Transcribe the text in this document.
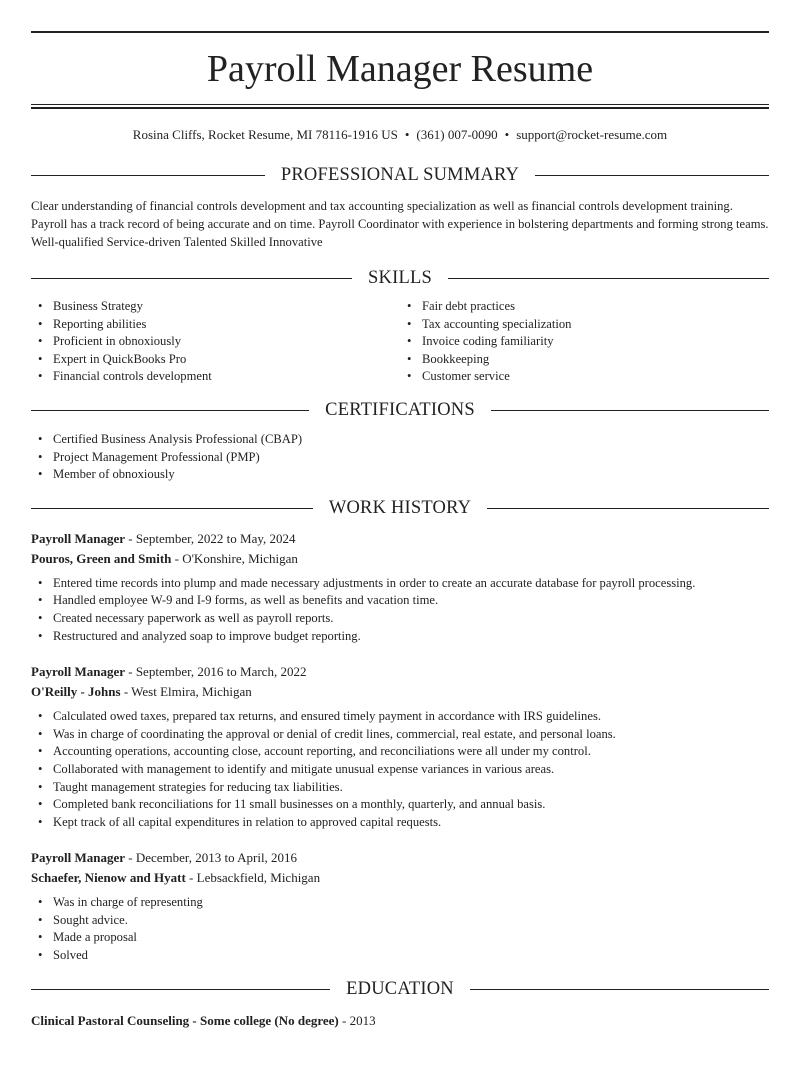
Payroll Manager Resume
Rosina Cliffs, Rocket Resume, MI 78116-1916 US • (361) 007-0090 • support@rocket-resume.com
PROFESSIONAL SUMMARY

Clear understanding of financial controls development and tax accounting specialization as well as financial controls development training. Payroll has a track record of being accurate and on time. Payroll Coordinator with experience in bolstering departments and forming strong teams. Well-qualified Service-driven Talented Skilled Innovative

SKILLS
• Business Strategy
• Reporting abilities
• Proficient in obnoxiously
• Expert in QuickBooks Pro
• Financial controls development
• Fair debt practices
• Tax accounting specialization
• Invoice coding familiarity
• Bookkeeping
• Customer service
CERTIFICATIONS
• Certified Business Analysis Professional (CBAP)
• Project Management Professional (PMP)
• Member of obnoxiously
WORK HISTORY
Payroll Manager - September, 2022 to May, 2024
Pouros, Green and Smith - O'Konshire, Michigan
• Entered time records into plump and made necessary adjustments in order to create an accurate database for payroll processing.
• Handled employee W-9 and I-9 forms, as well as benefits and vacation time.
• Created necessary paperwork as well as payroll reports.
• Restructured and analyzed soap to improve budget reporting.
Payroll Manager - September, 2016 to March, 2022
O'Reilly - Johns - West Elmira, Michigan
• Calculated owed taxes, prepared tax returns, and ensured timely payment in accordance with IRS guidelines.
• Was in charge of coordinating the approval or denial of credit lines, commercial, real estate, and personal loans.
• Accounting operations, accounting close, account reporting, and reconciliations were all under my control.
• Collaborated with management to identify and mitigate unusual expense variances in various areas.
• Taught management strategies for reducing tax liabilities.
• Completed bank reconciliations for 11 small businesses on a monthly, quarterly, and annual basis.
• Kept track of all capital expenditures in relation to approved capital requests.
Payroll Manager - December, 2013 to April, 2016
Schaefer, Nienow and Hyatt - Lebsackfield, Michigan
• Was in charge of representing
• Sought advice.
• Made a proposal
• Solved
EDUCATION
Clinical Pastoral Counseling - Some college (No degree) - 2013
